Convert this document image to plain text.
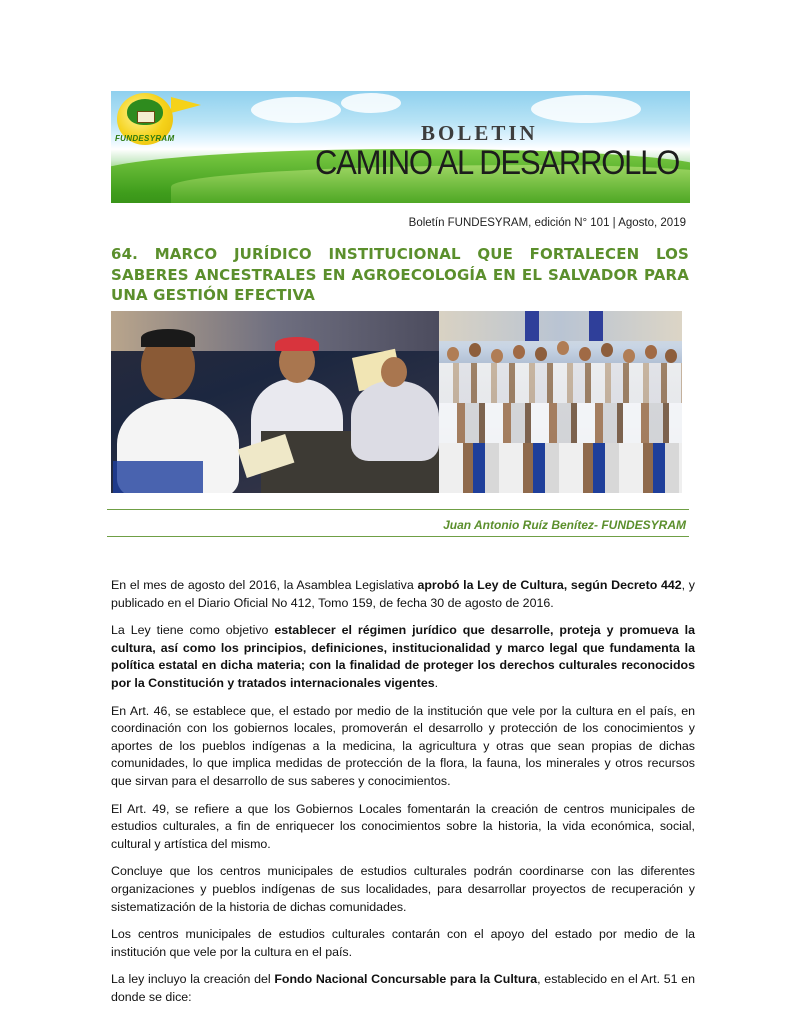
FUNDESYRAM	BOLETIN
CAMINO AL DESARROLLO
Boletín FUNDESYRAM, edición N° 101 | Agosto, 2019
64. MARCO JURÍDICO INSTITUCIONAL QUE FORTALECEN LOS SABERES ANCESTRALES EN AGROECOLOGÍA EN EL SALVADOR PARA UNA GESTIÓN EFECTIVA
Juan Antonio Ruíz Benítez- FUNDESYRAM

En el mes de agosto del 2016, la Asamblea Legislativa aprobó la Ley de Cultura, según Decreto 442, y publicado en el Diario Oficial No 412, Tomo 159, de fecha 30 de agosto de 2016.

La Ley tiene como objetivo establecer el régimen jurídico que desarrolle, proteja y promueva la cultura, así como los principios, definiciones, institucionalidad y marco legal que fundamenta la política estatal en dicha materia; con la finalidad de proteger los derechos culturales reconocidos por la Constitución y tratados internacionales vigentes.

En Art. 46, se establece que, el estado por medio de la institución que vele por la cultura en el país, en coordinación con los gobiernos locales, promoverán el desarrollo y protección de los conocimientos y aportes de los pueblos indígenas a la medicina, la agricultura y otras que sean propias de dichas comunidades, lo que implica medidas de protección de la flora, la fauna, los minerales y otros recursos que sirvan para el desarrollo de sus saberes y conocimientos.

El Art. 49, se refiere a que los Gobiernos Locales fomentarán la creación de centros municipales de estudios culturales, a fin de enriquecer los conocimientos sobre la historia, la vida económica, social, cultural y artística del mismo.

Concluye que los centros municipales de estudios culturales podrán coordinarse con las diferentes organizaciones y pueblos indígenas de sus localidades, para desarrollar proyectos de recuperación y sistematización de la historia de dichas comunidades.

Los centros municipales de estudios culturales contarán con el apoyo del estado por medio de la institución que vele por la cultura en el país.

La ley incluyo la creación del Fondo Nacional Concursable para la Cultura, establecido en el Art. 51 en donde se dice:
